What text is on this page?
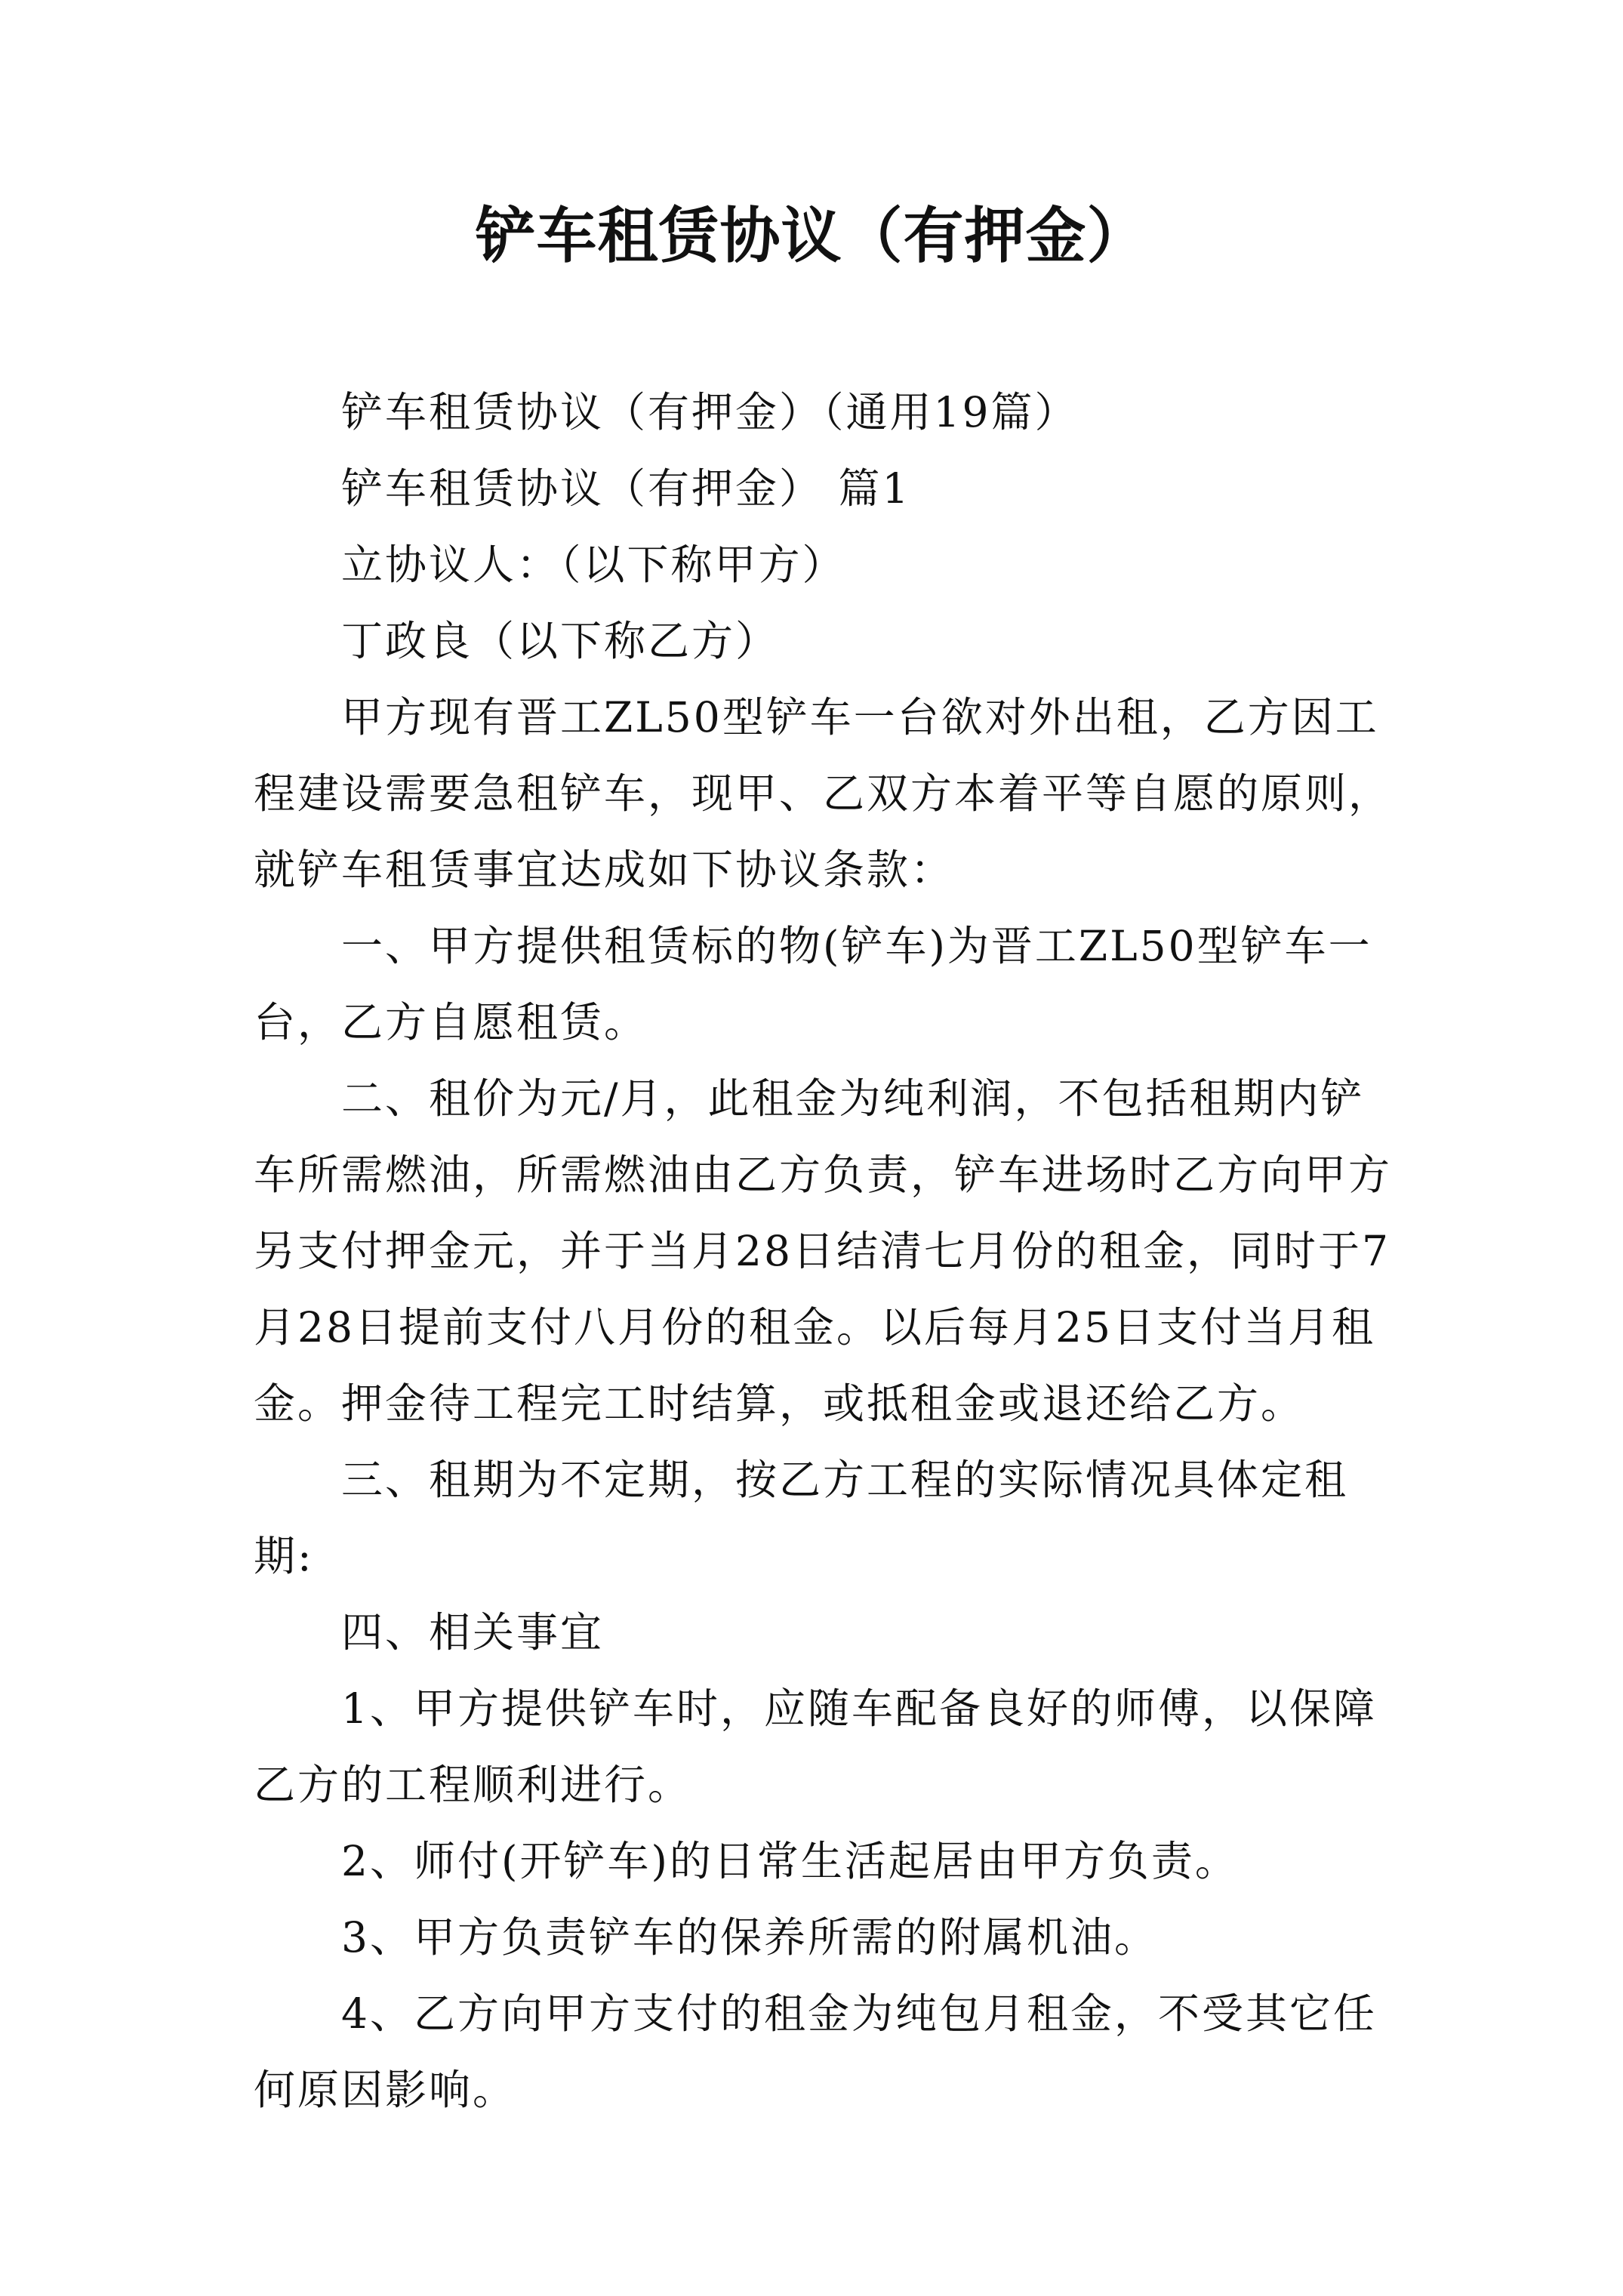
铲车租赁协议（有押金）

铲车租赁协议（有押金）（通用19篇）

铲车租赁协议（有押金） 篇1

立协议人：（以下称甲方）

丁政良（以下称乙方）

甲方现有晋工ZL50型铲车一台欲对外出租，乙方因工程建设需要急租铲车，现甲、乙双方本着平等自愿的原则，就铲车租赁事宜达成如下协议条款：

一、甲方提供租赁标的物(铲车)为晋工ZL50型铲车一台，乙方自愿租赁。

二、租价为元/月，此租金为纯利润，不包括租期内铲车所需燃油，所需燃油由乙方负责，铲车进场时乙方向甲方另支付押金元，并于当月28日结清七月份的租金，同时于7月28日提前支付八月份的租金。以后每月25日支付当月租金。押金待工程完工时结算，或抵租金或退还给乙方。

三、租期为不定期，按乙方工程的实际情况具体定租期:

四、相关事宜

1、甲方提供铲车时，应随车配备良好的师傅，以保障乙方的工程顺利进行。

2、师付(开铲车)的日常生活起居由甲方负责。

3、甲方负责铲车的保养所需的附属机油。

4、乙方向甲方支付的租金为纯包月租金，不受其它任何原因影响。
